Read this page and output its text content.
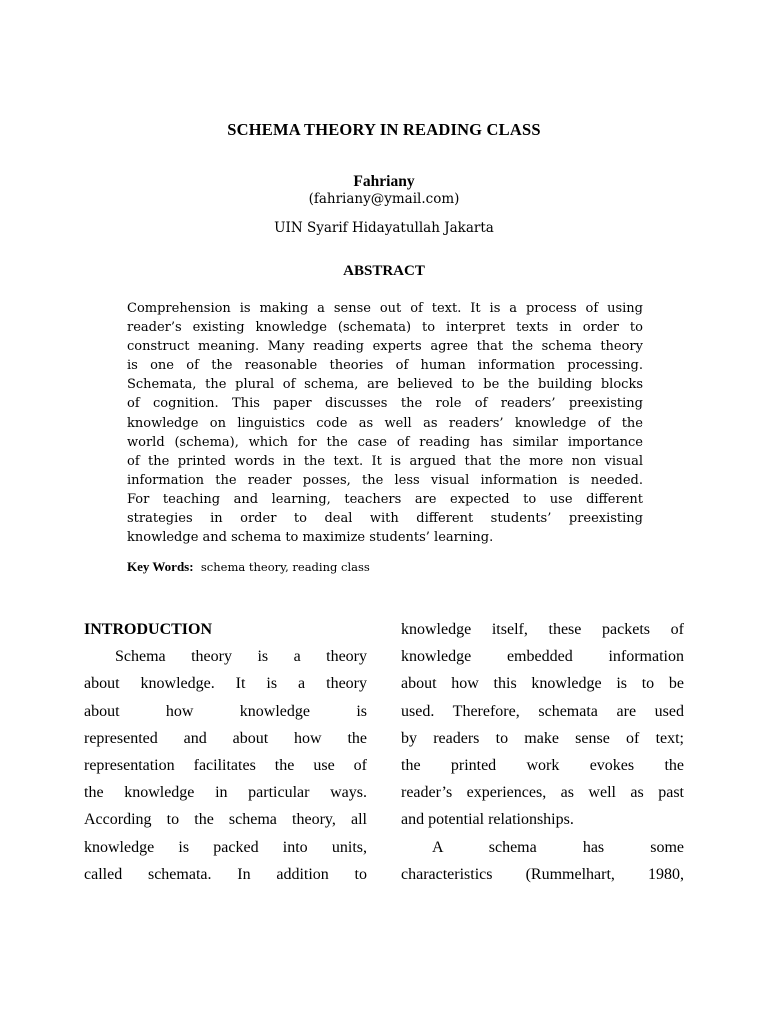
SCHEMA THEORY IN READING CLASS
Fahriany
(fahriany@ymail.com)
UIN Syarif Hidayatullah Jakarta
ABSTRACT
Comprehension is making a sense out of text. It is a process of using
reader’s existing knowledge (schemata) to interpret texts in order to
construct meaning. Many reading experts agree that the schema theory
is one of the reasonable theories of human information processing.
Schemata, the plural of schema, are believed to be the building blocks
of cognition. This paper discusses the role of readers’ preexisting
knowledge on linguistics code as well as readers’ knowledge of the
world (schema), which for the case of reading has similar importance
of the printed words in the text. It is argued that the more non visual
information the reader posses, the less visual information is needed.
For teaching and learning, teachers are expected to use different
strategies in order to deal with different students’ preexisting
knowledge and schema to maximize students’ learning.
Key Words: schema theory, reading class
INTRODUCTION
Schema theory is a theory
about knowledge. It is a theory
about how knowledge is
represented and about how the
representation facilitates the use of
the knowledge in particular ways.
According to the schema theory, all
knowledge is packed into units,
called schemata. In addition to
knowledge itself, these packets of
knowledge embedded information
about how this knowledge is to be
used. Therefore, schemata are used
by readers to make sense of text;
the printed work evokes the
reader’s experiences, as well as past
and potential relationships.
A schema has some
characteristics (Rummelhart, 1980,
